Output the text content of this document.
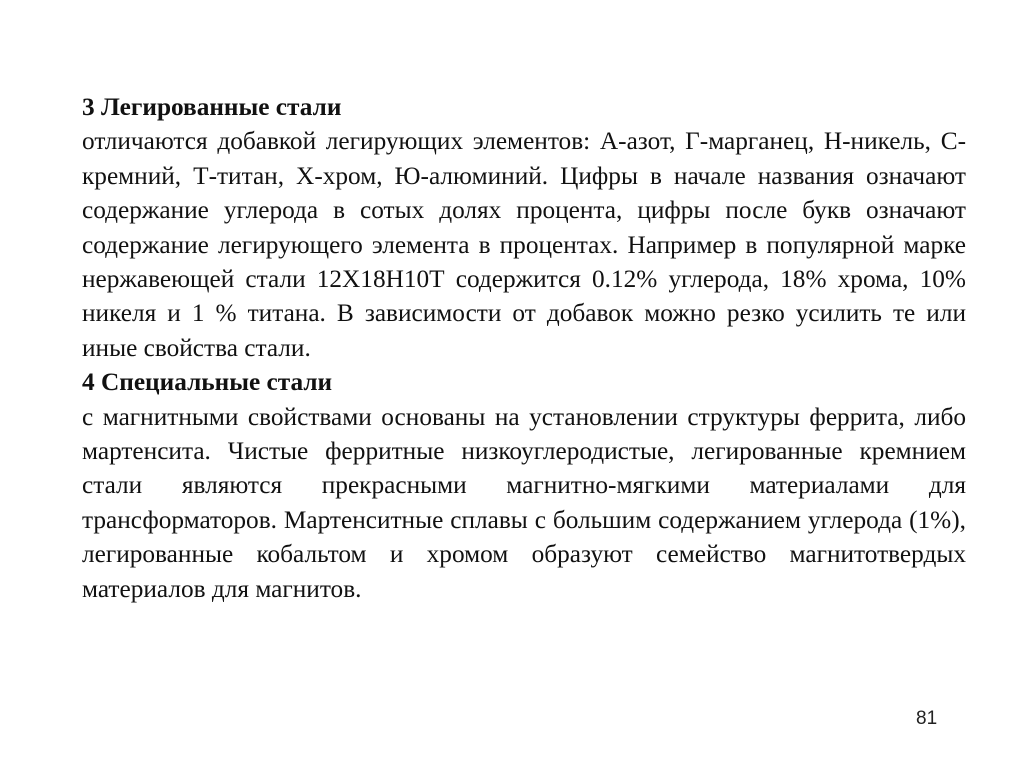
3 Легированные стали

отличаются добавкой легирующих элементов: А-азот, Г-марганец, Н-никель, С-кремний, Т-титан, Х-хром, Ю-алюминий. Цифры в начале названия означают содержание углерода в сотых долях процента, цифры после букв означают содержание легирующего элемента в процентах. Например в популярной марке нержавеющей стали 12Х18Н10Т содержится 0.12% углерода, 18% хрома, 10% никеля и 1 % титана. В зависимости от добавок можно резко усилить те или иные свойства стали.

4 Специальные стали

с магнитными свойствами основаны на установлении структуры феррита, либо мартенсита. Чистые ферритные низкоуглеродистые, легированные кремнием стали являются прекрасными магнитно-мягкими материалами для трансформаторов. Мартенситные сплавы с большим содержанием углерода (1%), легированные кобальтом и хромом образуют семейство магнитотвердых материалов для магнитов.

81
